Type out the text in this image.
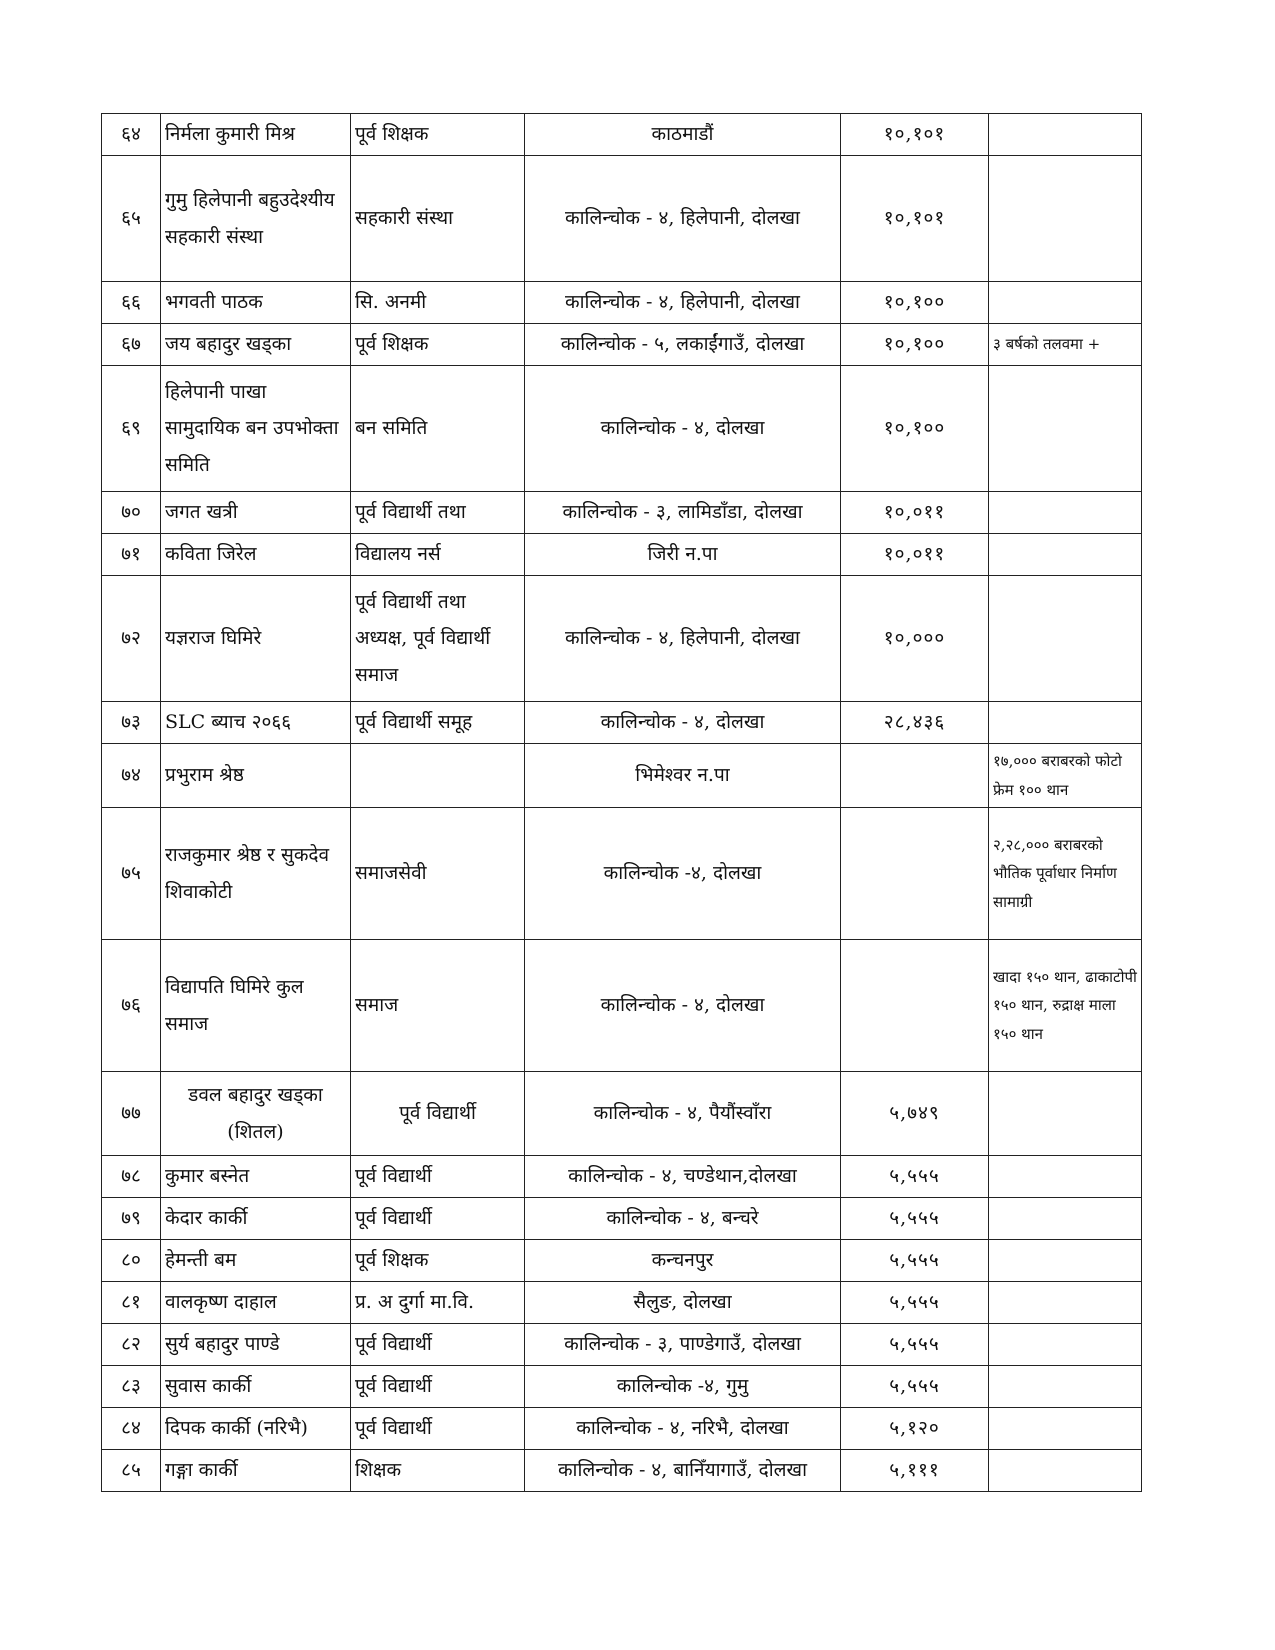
६४	निर्मला कुमारी मिश्र	पूर्व शिक्षक	काठमाडौं	१०,१०१	
६५	गुमु हिलेपानी बहुउदेश्यीय सहकारी संस्था	सहकारी संस्था	कालिन्चोक - ४, हिलेपानी, दोलखा	१०,१०१	
६६	भगवती पाठक	सि. अनमी	कालिन्चोक - ४, हिलेपानी, दोलखा	१०,१००	
६७	जय बहादुर खड्का	पूर्व शिक्षक	कालिन्चोक - ५, लकाईंगाउँ, दोलखा	१०,१००	३ बर्षको तलवमा +
६९	हिलेपानी पाखा सामुदायिक बन उपभोक्ता समिति	बन समिति	कालिन्चोक - ४, दोलखा	१०,१००	
७०	जगत खत्री	पूर्व विद्यार्थी तथा	कालिन्चोक - ३, लामिडाँडा, दोलखा	१०,०११	
७१	कविता जिरेल	विद्यालय नर्स	जिरी न.पा	१०,०११	
७२	यज्ञराज घिमिरे	पूर्व विद्यार्थी तथा अध्यक्ष, पूर्व विद्यार्थी समाज	कालिन्चोक - ४, हिलेपानी, दोलखा	१०,०००	
७३	SLC ब्याच २०६६	पूर्व विद्यार्थी समूह	कालिन्चोक - ४, दोलखा	२८,४३६	
७४	प्रभुराम श्रेष्ठ		भिमेश्वर न.पा		१७,००० बराबरको फोटो फ्रेम १०० थान
७५	राजकुमार श्रेष्ठ र सुकदेव शिवाकोटी	समाजसेवी	कालिन्चोक -४, दोलखा		२,२८,००० बराबरको भौतिक पूर्वाधार निर्माण सामाग्री
७६	विद्यापति घिमिरे कुल समाज	समाज	कालिन्चोक - ४, दोलखा		खादा १५० थान, ढाकाटोपी १५० थान, रुद्राक्ष माला १५० थान
७७	डवल बहादुर खड्का (शितल)	पूर्व विद्यार्थी	कालिन्चोक - ४, पैयौंस्वाँरा	५,७४९	
७८	कुमार बस्नेत	पूर्व विद्यार्थी	कालिन्चोक - ४, चण्डेथान,दोलखा	५,५५५	
७९	केदार कार्की	पूर्व विद्यार्थी	कालिन्चोक - ४, बन्चरे	५,५५५	
८०	हेमन्ती बम	पूर्व शिक्षक	कन्चनपुर	५,५५५	
८१	वालकृष्ण दाहाल	प्र. अ दुर्गा मा.वि.	सैलुङ, दोलखा	५,५५५	
८२	सुर्य बहादुर पाण्डे	पूर्व विद्यार्थी	कालिन्चोक - ३, पाण्डेगाउँ, दोलखा	५,५५५	
८३	सुवास कार्की	पूर्व विद्यार्थी	कालिन्चोक -४, गुमु	५,५५५	
८४	दिपक कार्की (नरिभै)	पूर्व विद्यार्थी	कालिन्चोक - ४, नरिभै, दोलखा	५,१२०	
८५	गङ्गा कार्की	शिक्षक	कालिन्चोक - ४, बानिँयागाउँ, दोलखा	५,१११	
